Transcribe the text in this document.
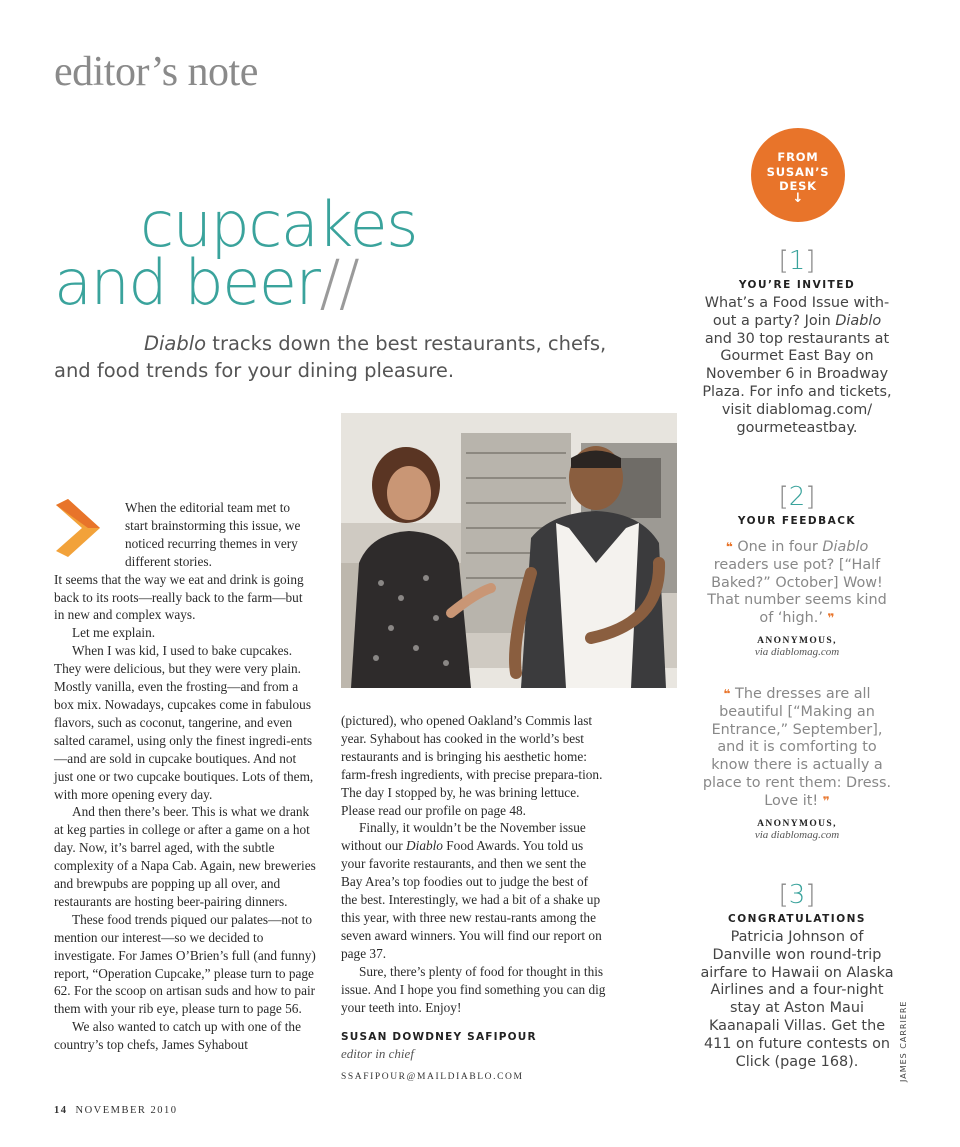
editor’s note
cupcakes
and beer//
Diablo tracks down the best restaurants, chefs,
and food trends for your dining pleasure.

When the editorial team met to start brainstorming this issue, we noticed recurring themes in very different stories.

It seems that the way we eat and drink is going back to its roots—really back to the farm—but in new and complex ways.

Let me explain.

When I was kid, I used to bake cupcakes. They were delicious, but they were very plain. Mostly vanilla, even the frosting—and from a box mix. Nowadays, cupcakes come in fabulous flavors, such as coconut, tangerine, and even salted caramel, using only the finest ingredi-ents—and are sold in cupcake boutiques. And not just one or two cupcake boutiques. Lots of them, with more opening every day.

And then there’s beer. This is what we drank at keg parties in college or after a game on a hot day. Now, it’s barrel aged, with the subtle complexity of a Napa Cab. Again, new breweries and brewpubs are popping up all over, and restaurants are hosting beer-pairing dinners.

These food trends piqued our palates—not to mention our interest—so we decided to investigate. For James O’Brien’s full (and funny) report, “Operation Cupcake,” please turn to page 62. For the scoop on artisan suds and how to pair them with your rib eye, please turn to page 56.

We also wanted to catch up with one of the country’s top chefs, James Syhabout

(pictured), who opened Oakland’s Commis last year. Syhabout has cooked in the world’s best restaurants and is bringing his aesthetic home: farm-fresh ingredients, with precise prepara-tion. The day I stopped by, he was brining lettuce. Please read our profile on page 48.

Finally, it wouldn’t be the November issue without our Diablo Food Awards. You told us your favorite restaurants, and then we sent the Bay Area’s top foodies out to judge the best of the best. Interestingly, we had a bit of a shake up this year, with three new restau-rants among the seven award winners. You will find our report on page 37.

Sure, there’s plenty of food for thought in this issue. And I hope you find something you can dig your teeth into. Enjoy!

SUSAN DOWDNEY SAFIPOUR
editor in chief
SSAFIPOUR@MAILDIABLO.COM
14 NOVEMBER 2010
FROM
SUSAN’S
DESK
↓
[1]
YOU’RE INVITED
What’s a Food Issue with-out a party? Join Diablo and 30 top restaurants at Gourmet East Bay on November 6 in Broadway Plaza. For info and tickets, visit diablomag.com/ gourmeteastbay.
[2]
YOUR FEEDBACK
❝ One in four Diablo readers use pot? [“Half Baked?” October] Wow! That number seems kind of ‘high.’ ❞
ANONYMOUS,
via diablomag.com
❝ The dresses are all beautiful [“Making an Entrance,” September], and it is comforting to know there is actually a place to rent them: Dress. Love it! ❞
ANONYMOUS,
via diablomag.com
[3]
CONGRATULATIONS
Patricia Johnson of Danville won round-trip airfare to Hawaii on Alaska Airlines and a four-night stay at Aston Maui Kaanapali Villas. Get the 411 on future contests on Click (page 168).	JAMES CARRIERE
